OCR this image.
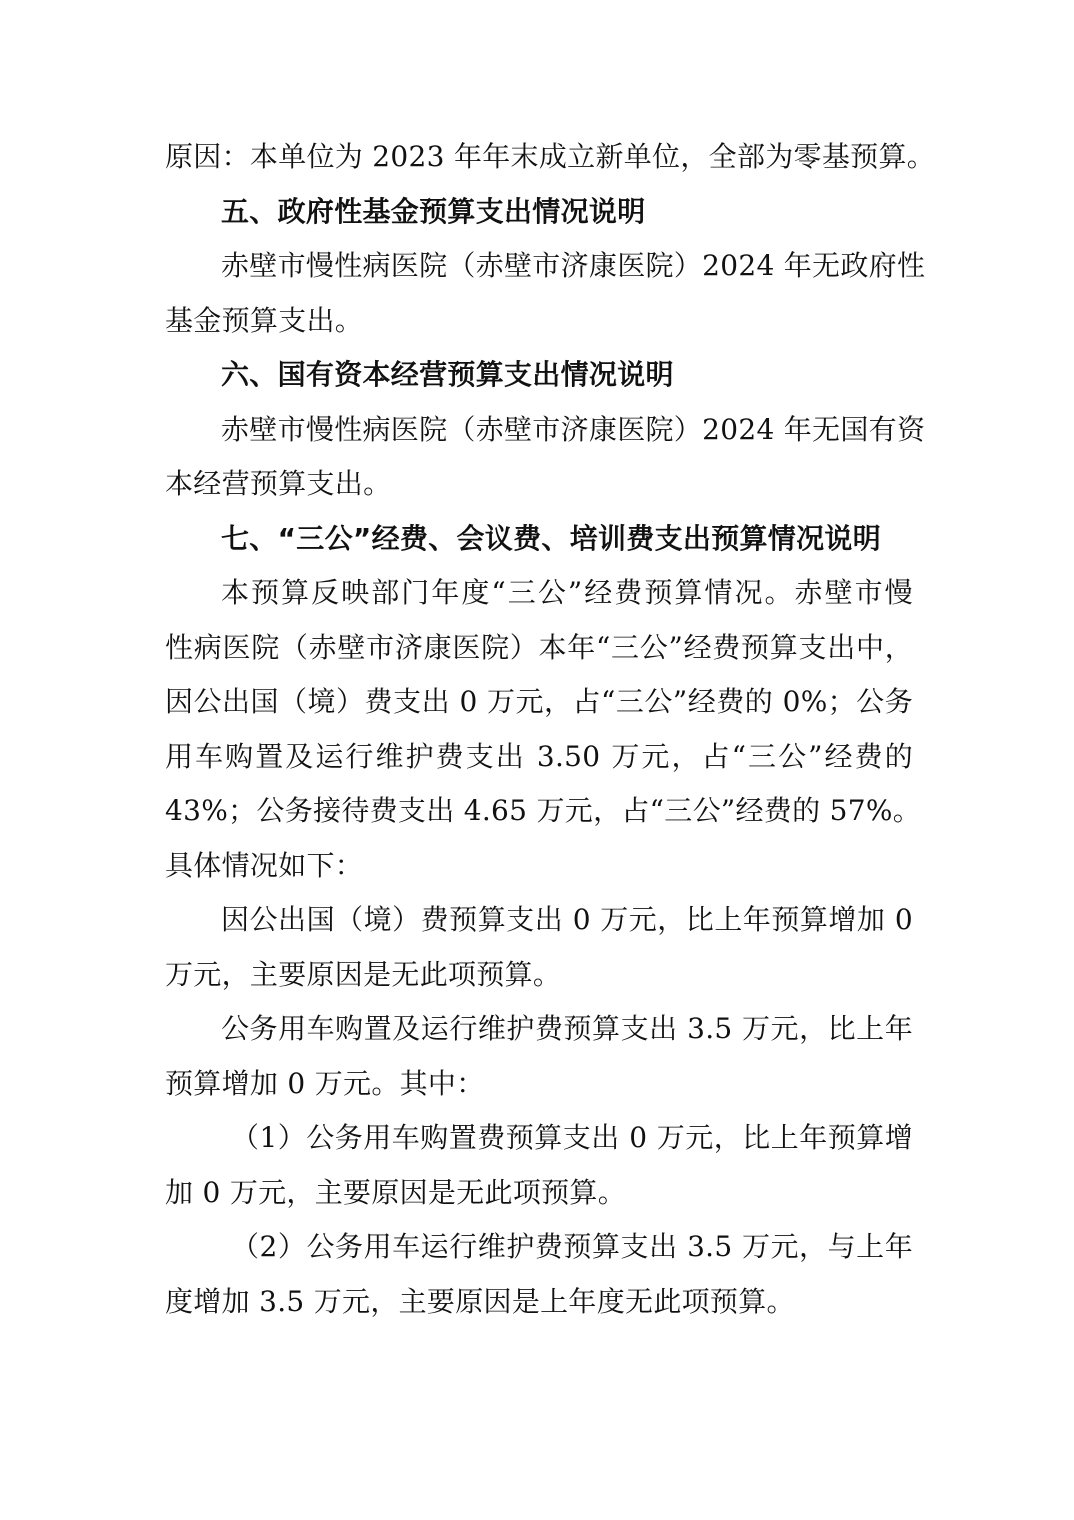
原因：本单位为 2023 年年末成立新单位，全部为零基预算。
五、政府性基金预算支出情况说明
赤壁市慢性病医院（赤壁市济康医院）2024 年无政府性
基金预算支出。
六、国有资本经营预算支出情况说明
赤壁市慢性病医院（赤壁市济康医院）2024 年无国有资
本经营预算支出。
七、“三公”经费、会议费、培训费支出预算情况说明
本预算反映部门年度“三公”经费预算情况。赤壁市慢
性病医院（赤壁市济康医院）本年“三公”经费预算支出中，
因公出国（境）费支出 0 万元，占“三公”经费的 0%；公务
用车购置及运行维护费支出 3.50 万元，占“三公”经费的
43%；公务接待费支出 4.65 万元，占“三公”经费的 57%。
具体情况如下：
因公出国（境）费预算支出 0 万元，比上年预算增加 0
万元，主要原因是无此项预算。
公务用车购置及运行维护费预算支出 3.5 万元，比上年
预算增加 0 万元。其中：
（1）公务用车购置费预算支出 0 万元，比上年预算增
加 0 万元，主要原因是无此项预算。
（2）公务用车运行维护费预算支出 3.5 万元，与上年
度增加 3.5 万元，主要原因是上年度无此项预算。
